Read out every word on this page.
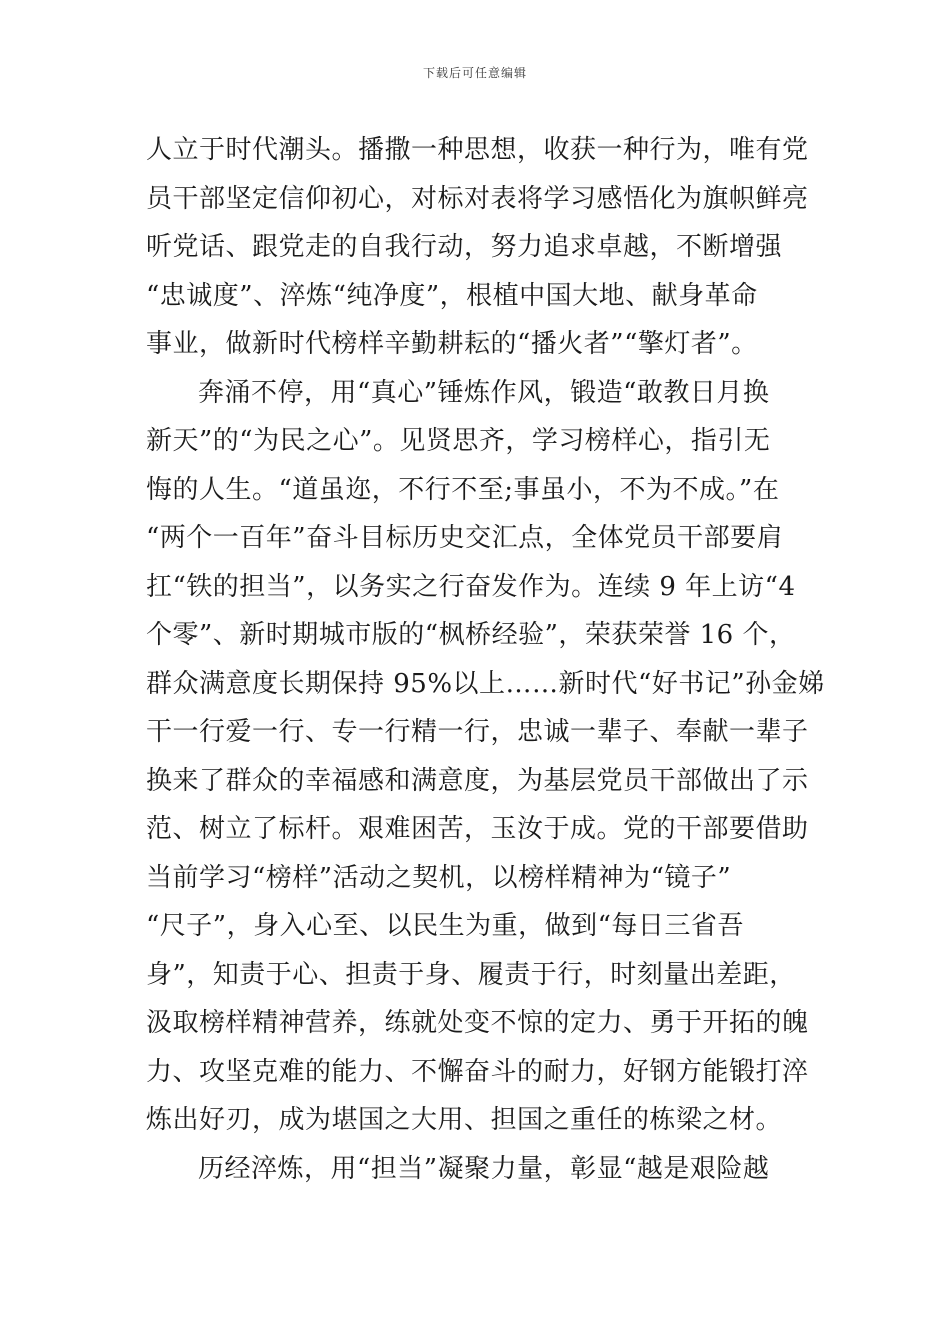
下载后可任意编辑
人立于时代潮头。播撒一种思想，收获一种行为，唯有党
员干部坚定信仰初心，对标对表将学习感悟化为旗帜鲜亮
听党话、跟党走的自我行动，努力追求卓越，不断增强
“忠诚度”、淬炼“纯净度”，根植中国大地、献身革命
事业，做新时代榜样辛勤耕耘的“播火者”“擎灯者”。
奔涌不停，用“真心”锤炼作风，锻造“敢教日月换
新天”的“为民之心”。见贤思齐，学习榜样心，指引无
悔的人生。“道虽迩，不行不至;事虽小，不为不成。”在
“两个一百年”奋斗目标历史交汇点，全体党员干部要肩
扛“铁的担当”，以务实之行奋发作为。连续 9 年上访“4
个零”、新时期城市版的“枫桥经验”，荣获荣誉 16 个，
群众满意度长期保持 95%以上……新时代“好书记”孙金娣
干一行爱一行、专一行精一行，忠诚一辈子、奉献一辈子
换来了群众的幸福感和满意度，为基层党员干部做出了示
范、树立了标杆。艰难困苦，玉汝于成。党的干部要借助
当前学习“榜样”活动之契机，以榜样精神为“镜子”
“尺子”，身入心至、以民生为重，做到“每日三省吾
身”，知责于心、担责于身、履责于行，时刻量出差距，
汲取榜样精神营养，练就处变不惊的定力、勇于开拓的魄
力、攻坚克难的能力、不懈奋斗的耐力，好钢方能锻打淬
炼出好刃，成为堪国之大用、担国之重任的栋梁之材。
历经淬炼，用“担当”凝聚力量，彰显“越是艰险越
